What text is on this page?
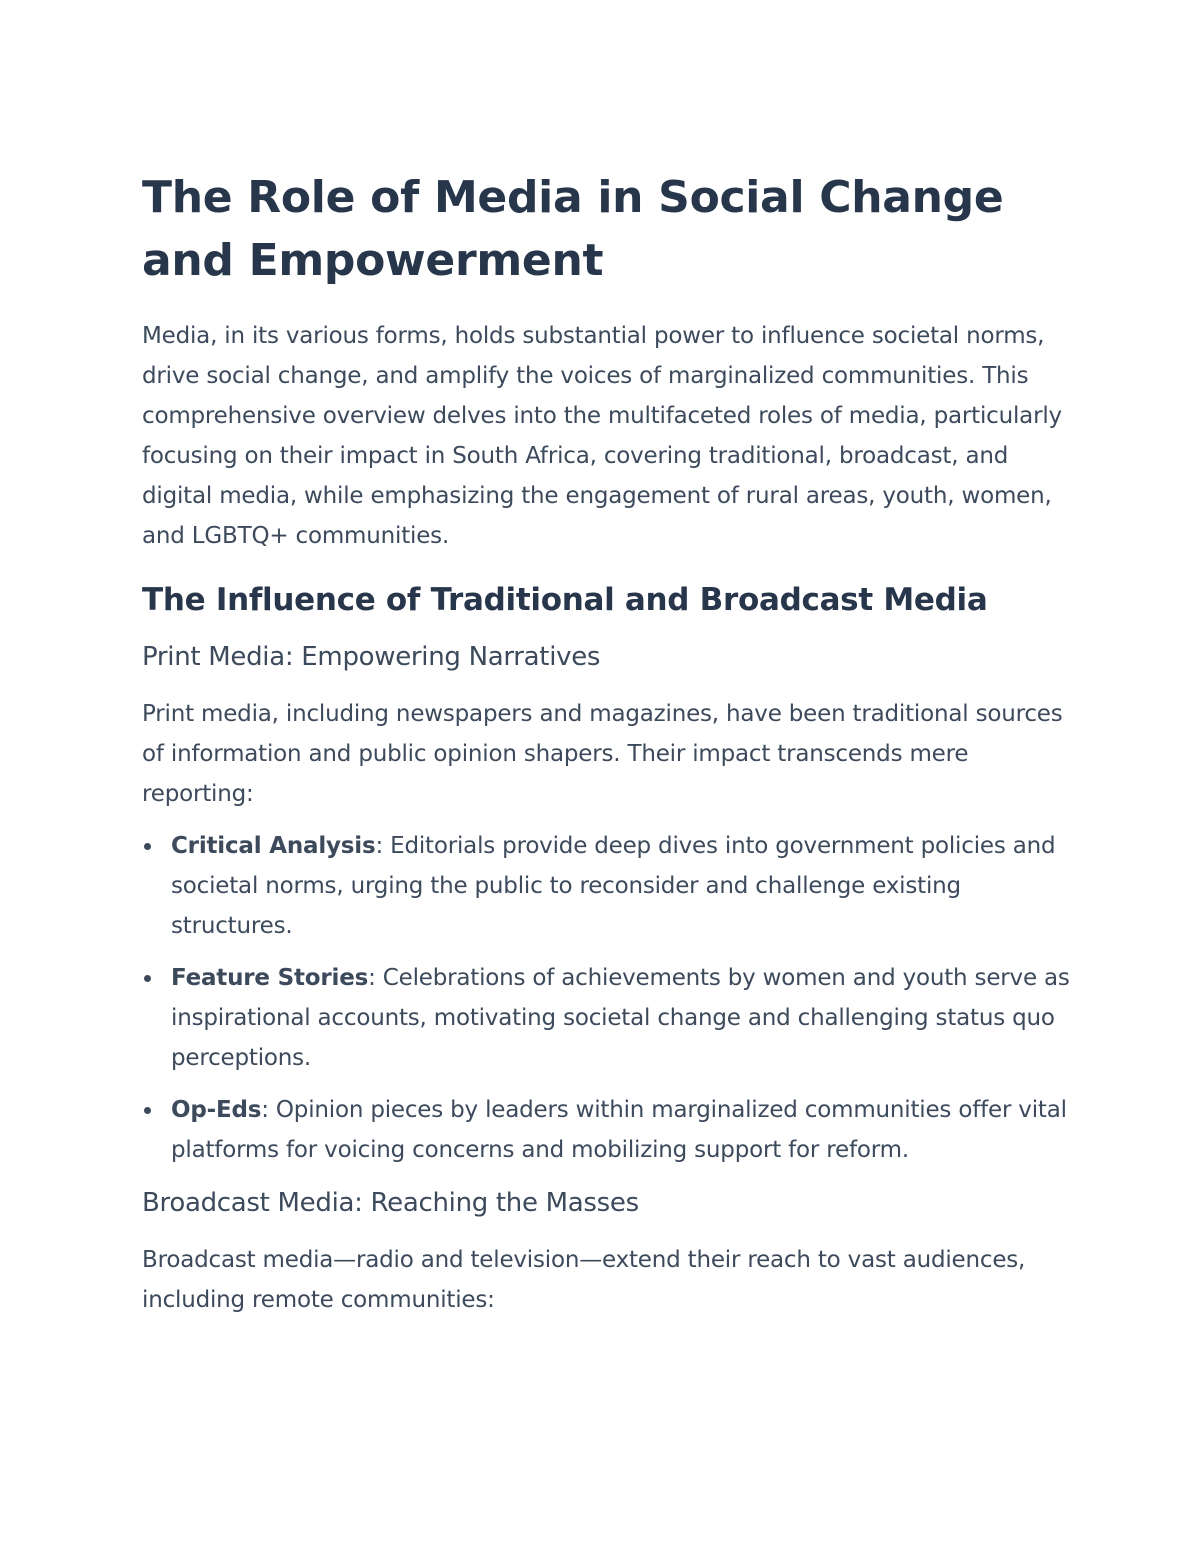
The Role of Media in Social Change and Empowerment

Media, in its various forms, holds substantial power to influence societal norms, drive social change, and amplify the voices of marginalized communities. This comprehensive overview delves into the multifaceted roles of media, particularly focusing on their impact in South Africa, covering traditional, broadcast, and digital media, while emphasizing the engagement of rural areas, youth, women, and LGBTQ+ communities.

The Influence of Traditional and Broadcast Media
Print Media: Empowering Narratives

Print media, including newspapers and magazines, have been traditional sources of information and public opinion shapers. Their impact transcends mere reporting:

Critical Analysis: Editorials provide deep dives into government policies and societal norms, urging the public to reconsider and challenge existing structures.
Feature Stories: Celebrations of achievements by women and youth serve as inspirational accounts, motivating societal change and challenging status quo perceptions.
Op-Eds: Opinion pieces by leaders within marginalized communities offer vital platforms for voicing concerns and mobilizing support for reform.
Broadcast Media: Reaching the Masses

Broadcast media—radio and television—extend their reach to vast audiences, including remote communities:
